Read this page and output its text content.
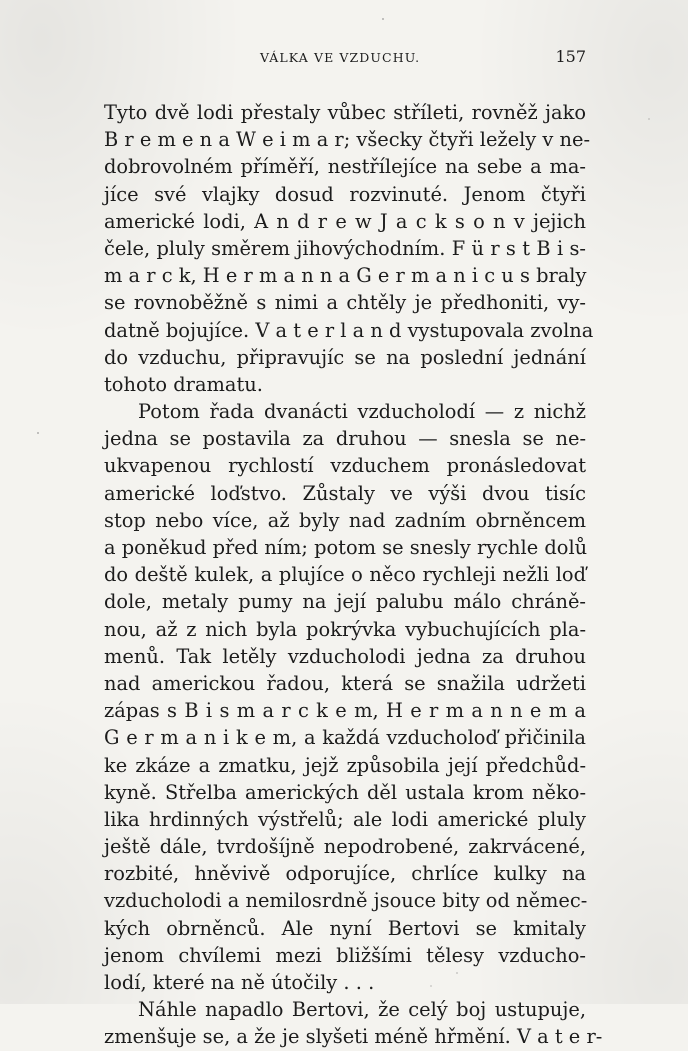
VÁLKA VE VZDUCHU.	157
Tyto dvě lodi přestaly vůbec stříleti, rovněž jako
B r e m e n a W e i m a r; všecky čtyři ležely v ne-
dobrovolném příměří, nestřílejíce na sebe a ma-
jíce své vlajky dosud rozvinuté. Jenom čtyři
americké lodi, A n d r e w J a c k s o n v jejich
čele, pluly směrem jihovýchodním. F ü r s t B i s-
m a r c k, H e r m a n n a G e r m a n i c u s braly
se rovnoběžně s nimi a chtěly je předhoniti, vy-
datně bojujíce. V a t e r l a n d vystupovala zvolna
do vzduchu, připravujíc se na poslední jednání
tohoto dramatu.
Potom řada dvanácti vzducholodí — z nichž
jedna se postavila za druhou — snesla se ne-
ukvapenou rychlostí vzduchem pronásledovat
americké loďstvo. Zůstaly ve výši dvou tisíc
stop nebo více, až byly nad zadním obrněncem
a poněkud před ním; potom se snesly rychle dolů
do deště kulek, a plujíce o něco rychleji nežli loď
dole, metaly pumy na její palubu málo chráně-
nou, až z nich byla pokrývka vybuchujících pla-
menů. Tak letěly vzducholodi jedna za druhou
nad americkou řadou, která se snažila udržeti
zápas s B i s m a r c k e m, H e r m a n n e m a
G e r m a n i k e m, a každá vzducholoď přičinila
ke zkáze a zmatku, jejž způsobila její předchůd-
kyně. Střelba amerických děl ustala krom něko-
lika hrdinných výstřelů; ale lodi americké pluly
ještě dále, tvrdošíjně nepodrobené, zakrvácené,
rozbité, hněvivě odporujíce, chrlíce kulky na
vzducholodi a nemilosrdně jsouce bity od němec-
kých obrněnců. Ale nyní Bertovi se kmitaly
jenom chvílemi mezi bližšími tělesy vzducho-
lodí, které na ně útočily . . .
Náhle napadlo Bertovi, že celý boj ustupuje,
zmenšuje se, a že je slyšeti méně hřmění. V a t e r-
